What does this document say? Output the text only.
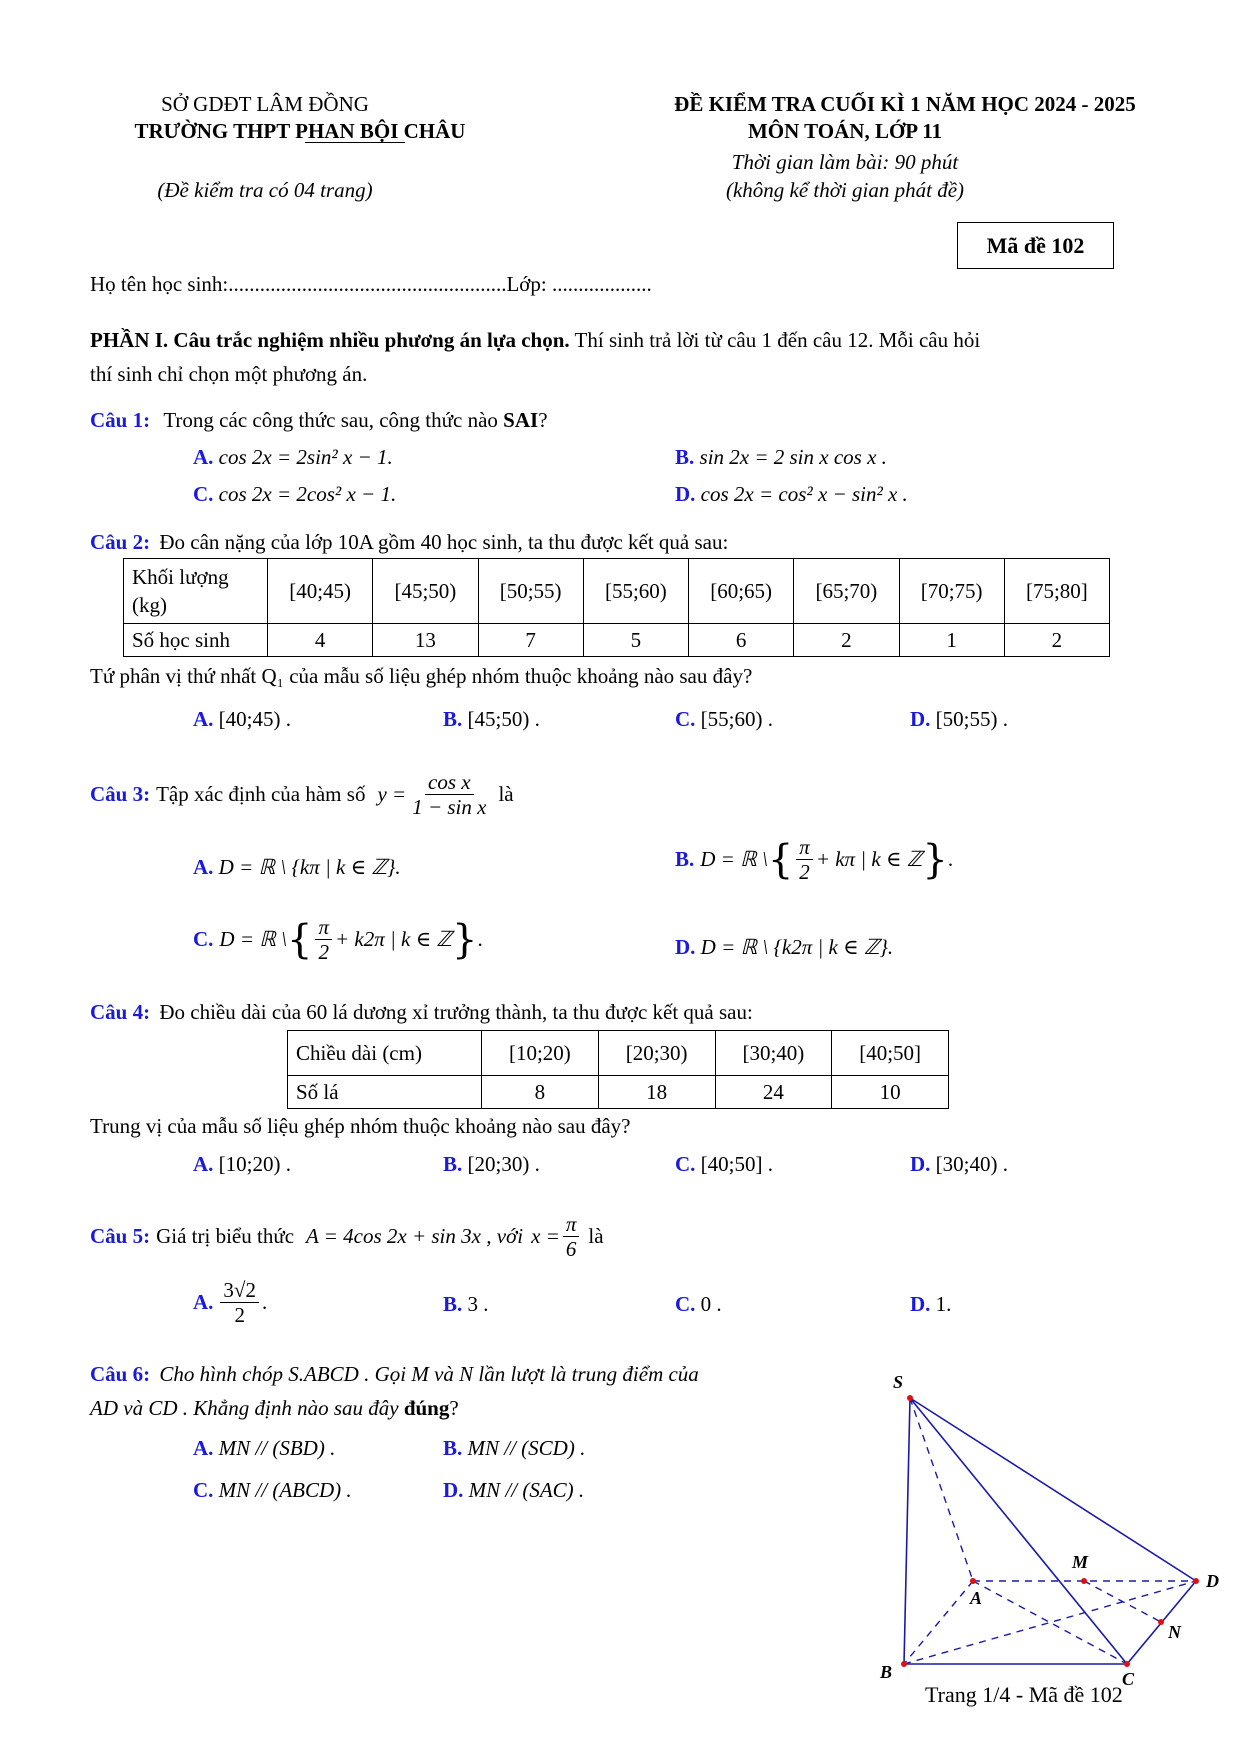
SỞ GDĐT LÂM ĐỒNG
TRƯỜNG THPT PHAN BỘI CHÂU
(Đề kiểm tra có 04 trang)
ĐỀ KIỂM TRA CUỐI KÌ 1 NĂM HỌC 2024 - 2025
MÔN TOÁN, LỚP 11
Thời gian làm bài: 90 phút
(không kể thời gian phát đề)
Mã đề 102
Họ tên học sinh:.....................................................Lớp: ...................
PHẦN I. Câu trắc nghiệm nhiều phương án lựa chọn. Thí sinh trả lời từ câu 1 đến câu 12. Mỗi câu hỏi
thí sinh chỉ chọn một phương án.
Câu 1: Trong các công thức sau, công thức nào SAI?
A. cos 2x = 2sin² x − 1.	B. sin 2x = 2 sin x cos x .
C. cos 2x = 2cos² x − 1.	D. cos 2x = cos² x − sin² x .
Câu 2: Đo cân nặng của lớp 10A gồm 40 học sinh, ta thu được kết quả sau:
Khối lượng (kg)	[40;45)	[45;50)	[50;55)	[55;60)	[60;65)	[65;70)	[70;75)	[75;80]
Số học sinh	4	13	7	5	6	2	1	2
Tứ phân vị thứ nhất Q₁ của mẫu số liệu ghép nhóm thuộc khoảng nào sau đây?
A. [40;45) .	B. [45;50) .	C. [55;60) .	D. [50;55) .
Câu 3: Tập xác định của hàm số $y = \frac{\text{cos x}}{\text{1 − sin x}}$ là
A. D = ℝ \ {kπ | k ∈ ℤ}.	B. D = ℝ \ { $\frac{\pi}{2} + k\pi$ | k ∈ ℤ } .
C. D = ℝ \ { $\frac{\pi}{2} + k2\pi$ | k ∈ ℤ } .	D. D = ℝ \ {k2π | k ∈ ℤ}.
Câu 4: Đo chiều dài của 60 lá dương xỉ trưởng thành, ta thu được kết quả sau:
Chiều dài (cm)	[10;20)	[20;30)	[30;40)	[40;50]
Số lá	8	18	24	10
Trung vị của mẫu số liệu ghép nhóm thuộc khoảng nào sau đây?
A. [10;20) .	B. [20;30) .	C. [40;50] .	D. [30;40) .
Câu 5: Giá trị biểu thức A = 4cos 2x + sin 3x , với $x = \frac{\pi}{6}$ là
A. $\frac{3√2}{2}$ .	B. 3 .	C. 0 .	D. 1.
Câu 6: Cho hình chóp S.ABCD . Gọi M và N lần lượt là trung điểm của
AD và CD . Khẳng định nào sau đây đúng?
A. MN // (SBD) .	B. MN // (SCD) .
C. MN // (ABCD) .	D. MN // (SAC) .
S
A
B	C
D
M
N
Trang 1/4 - Mã đề 102
